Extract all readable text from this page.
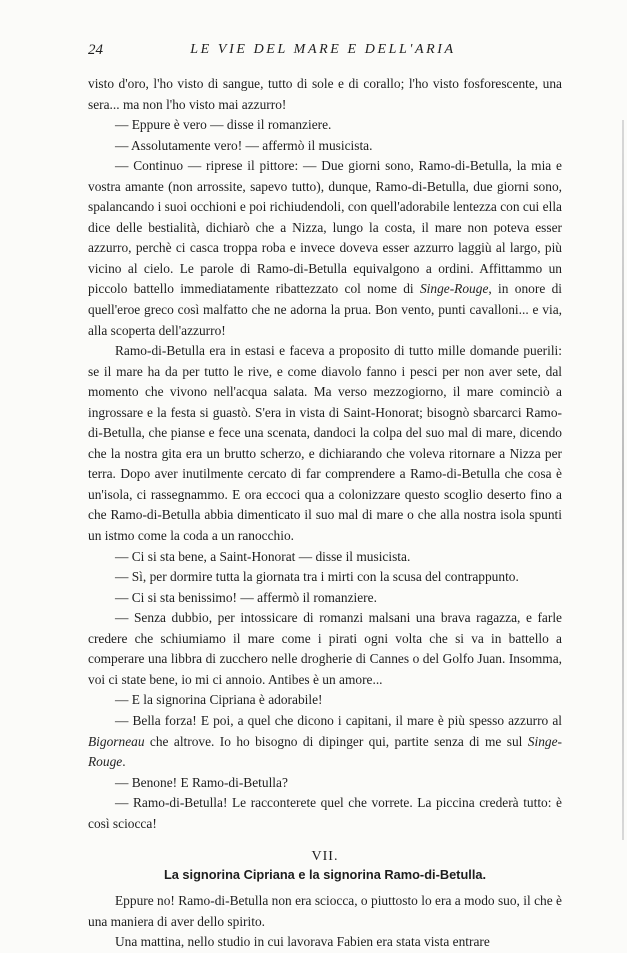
24	LE VIE DEL MARE E DELL'ARIA

visto d'oro, l'ho visto di sangue, tutto di sole e di corallo; l'ho visto fosforescente, una sera... ma non l'ho visto mai azzurro!

— Eppure è vero — disse il romanziere.

— Assolutamente vero! — affermò il musicista.

— Continuo — riprese il pittore: — Due giorni sono, Ramo-di-Betulla, la mia e vostra amante (non arrossite, sapevo tutto), dunque, Ramo-di-Betulla, due giorni sono, spalancando i suoi occhioni e poi richiudendoli, con quell'adorabile lentezza con cui ella dice delle bestialità, dichiarò che a Nizza, lungo la costa, il mare non poteva esser azzurro, perchè ci casca troppa roba e invece doveva esser azzurro laggiù al largo, più vicino al cielo. Le parole di Ramo-di-Betulla equivalgono a ordini. Affittammo un piccolo battello immediatamente ribattezzato col nome di Singe-Rouge, in onore di quell'eroe greco così malfatto che ne adorna la prua. Bon vento, punti cavalloni... e via, alla scoperta dell'azzurro!

Ramo-di-Betulla era in estasi e faceva a proposito di tutto mille domande puerili: se il mare ha da per tutto le rive, e come diavolo fanno i pesci per non aver sete, dal momento che vivono nell'acqua salata. Ma verso mezzogiorno, il mare cominciò a ingrossare e la festa si guastò. S'era in vista di Saint-Honorat; bisognò sbarcarci Ramo-di-Betulla, che pianse e fece una scenata, dandoci la colpa del suo mal di mare, dicendo che la nostra gita era un brutto scherzo, e dichiarando che voleva ritornare a Nizza per terra. Dopo aver inutilmente cercato di far comprendere a Ramo-di-Betulla che cosa è un'isola, ci rassegnammo. E ora eccoci qua a colonizzare questo scoglio deserto fino a che Ramo-di-Betulla abbia dimenticato il suo mal di mare o che alla nostra isola spunti un istmo come la coda a un ranocchio.

— Ci si sta bene, a Saint-Honorat — disse il musicista.

— Sì, per dormire tutta la giornata tra i mirti con la scusa del contrappunto.

— Ci si sta benissimo! — affermò il romanziere.

— Senza dubbio, per intossicare di romanzi malsani una brava ragazza, e farle credere che schiumiamo il mare come i pirati ogni volta che si va in battello a comperare una libbra di zucchero nelle drogherie di Cannes o del Golfo Juan. Insomma, voi ci state bene, io mi ci annoio. Antibes è un amore...

— E la signorina Cipriana è adorabile!

— Bella forza! E poi, a quel che dicono i capitani, il mare è più spesso azzurro al Bigorneau che altrove. Io ho bisogno di dipinger qui, partite senza di me sul Singe-Rouge.

— Benone! E Ramo-di-Betulla?

— Ramo-di-Betulla! Le racconterete quel che vorrete. La piccina crederà tutto: è così sciocca!

VII.
La signorina Cipriana e la signorina Ramo-di-Betulla.

Eppure no! Ramo-di-Betulla non era sciocca, o piuttosto lo era a modo suo, il che è una maniera di aver dello spirito.

Una mattina, nello studio in cui lavorava Fabien era stata vista entrare
